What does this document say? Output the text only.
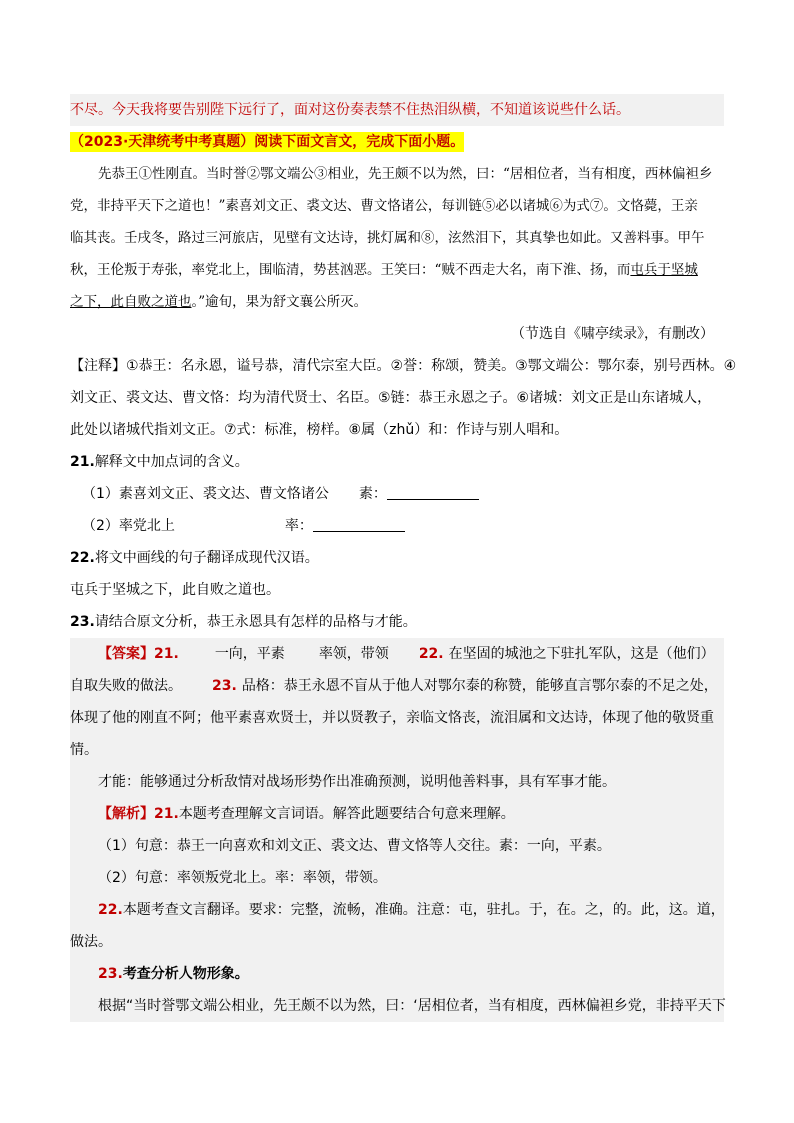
不尽。今天我将要告别陛下远行了，面对这份奏表禁不住热泪纵横，不知道该说些什么话。
（2023·天津统考中考真题）阅读下面文言文，完成下面小题。
先恭王①性刚直。当时誉②鄂文端公③相业，先王颇不以为然，曰：“居相位者，当有相度，西林偏袒乡
党，非持平天下之道也！”素喜刘文正、裘文达、曹文恪诸公，每训链⑤必以诸城⑥为式⑦。文恪薨，王亲
临其丧。壬戌冬，路过三河旅店，见壁有文达诗，挑灯属和⑧，泫然泪下，其真挚也如此。又善料事。甲午
秋，王伦叛于寿张，率党北上，围临清，势甚汹恶。王笑曰：“贼不西走大名，南下淮、扬，而屯兵于坚城
之下，此自败之道也。”逾旬，果为舒文襄公所灭。
（节选自《啸亭续录》，有删改）
【注释】①恭王：名永恩，谥号恭，清代宗室大臣。②誉：称颂，赞美。③鄂文端公：鄂尔泰，别号西林。④
刘文正、裘文达、曹文恪：均为清代贤士、名臣。⑤链：恭王永恩之子。⑥诸城：刘文正是山东诸城人，
此处以诸城代指刘文正。⑦式：标准，榜样。⑧属（zhǔ）和：作诗与别人唱和。
21.解释文中加点词的含义。
（1）素喜刘文正、裘文达、曹文恪诸公 素：
（2）率党北上	率：
22.将文中画线的句子翻译成现代汉语。
屯兵于坚城之下，此自败之道也。
23.请结合原文分析，恭王永恩具有怎样的品格与才能。
【答案】21.	一向，平素 率领，带领 22. 在坚固的城池之下驻扎军队，这是（他们）
自取失败的做法。 23. 品格：恭王永恩不盲从于他人对鄂尔泰的称赞，能够直言鄂尔泰的不足之处，
体现了他的刚直不阿；他平素喜欢贤士，并以贤教子，亲临文恪丧，流泪属和文达诗，体现了他的敬贤重
情。
才能：能够通过分析敌情对战场形势作出准确预测，说明他善料事，具有军事才能。
【解析】21.本题考查理解文言词语。解答此题要结合句意来理解。
（1）句意：恭王一向喜欢和刘文正、裘文达、曹文恪等人交往。素：一向，平素。
（2）句意：率领叛党北上。率：率领，带领。
22.本题考查文言翻译。要求：完整，流畅，准确。注意：屯，驻扎。于，在。之，的。此，这。道，
做法。
23.考查分析人物形象。
根据“当时誉鄂文端公相业，先王颇不以为然，曰：‘居相位者，当有相度，西林偏袒乡党，非持平天下
